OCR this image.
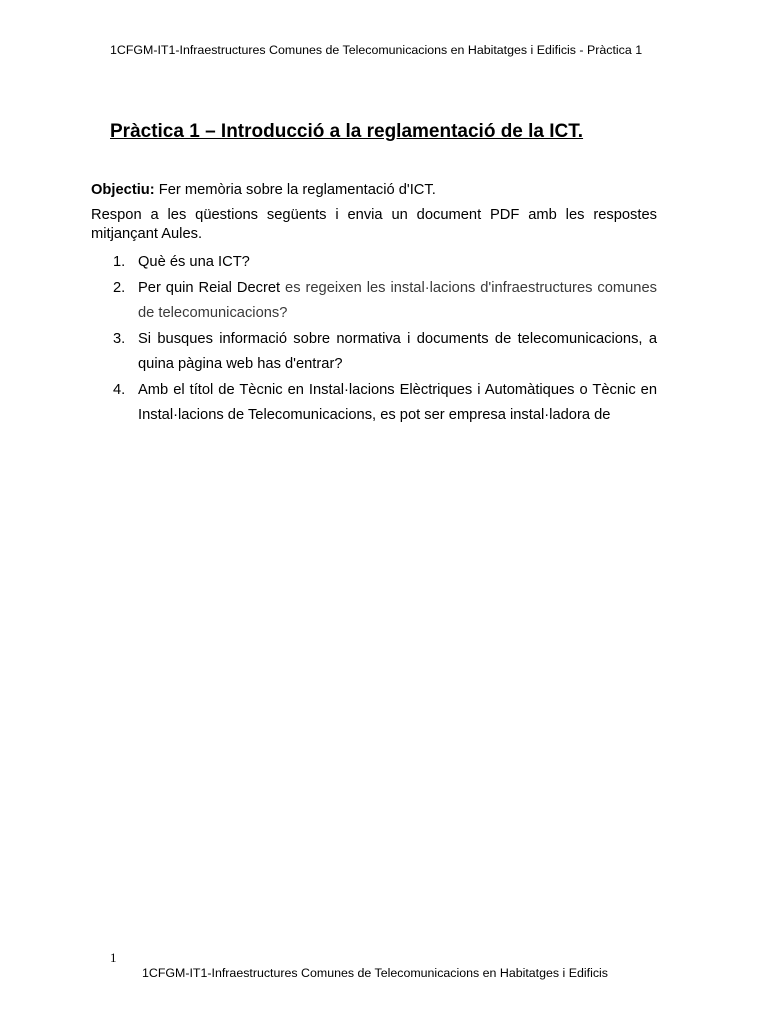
1CFGM-IT1-Infraestructures Comunes de Telecomunicacions en Habitatges i Edificis - Pràctica 1
Pràctica 1 – Introducció a la reglamentació de la ICT.
Objectiu: Fer memòria sobre la reglamentació d'ICT.
Respon a les qüestions següents i envia un document PDF amb les respostes mitjançant Aules.
1. Què és una ICT?
2. Per quin Reial Decret es regeixen les instal·lacions d'infraestructures comunes de telecomunicacions?
3. Si busques informació sobre normativa i documents de telecomunicacions, a quina pàgina web has d'entrar?
4. Amb el títol de Tècnic en Instal·lacions Elèctriques i Automàtiques o Tècnic en Instal·lacions de Telecomunicacions, es pot ser empresa instal·ladora de
1
1CFGM-IT1-Infraestructures Comunes de Telecomunicacions en Habitatges i Edificis
